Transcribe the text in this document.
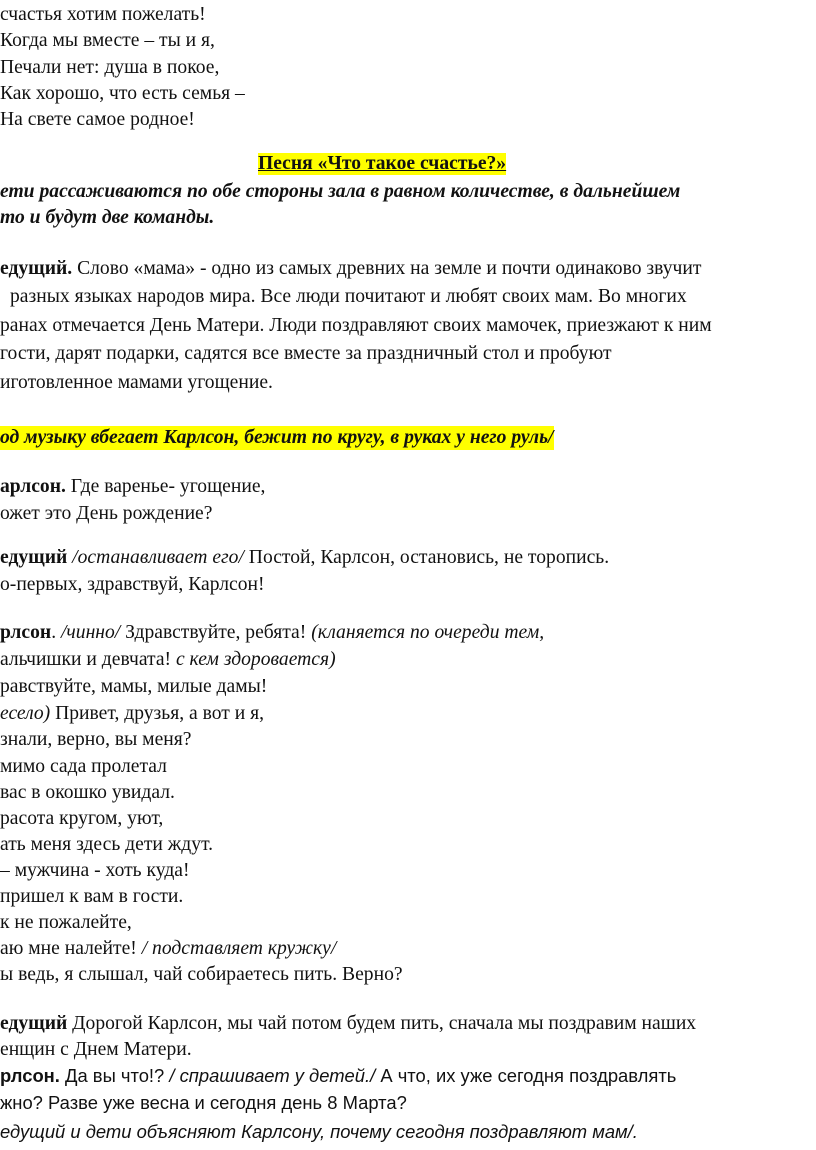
счастья хотим пожелать!
Когда мы вместе – ты и я,
Печали нет: душа в покое,
Как хорошо, что есть семья –
На свете самое родное!
Песня «Что такое счастье?»
ети рассаживаются по обе стороны зала в равном количестве, в дальнейшем
то и будут две команды.
едущий. Слово «мама» - одно из самых древних на земле и почти одинаково звучит
разных языках народов мира. Все люди почитают и любят своих мам. Во многих
ранах отмечается День Матери. Люди поздравляют своих мамочек, приезжают к ним
гости, дарят подарки, садятся все вместе за праздничный стол и пробуют
иготовленное мамами угощение.
од музыку вбегает Карлсон, бежит по кругу, в руках у него руль/
арлсон. Где варенье- угощение,
ожет это День рождение?
едущий /останавливает его/ Постой, Карлсон, остановись, не торопись.
о-первых, здравствуй, Карлсон!
рлсон. /чинно/ Здравствуйте, ребята! (кланяется по очереди тем,
альчишки и девчата! с кем здоровается)
равствуйте, мамы, милые дамы!
есело) Привет, друзья, а вот и я,
знали, верно, вы меня?
мимо сада пролетал
вас в окошко увидал.
расота кругом, уют,
ать меня здесь дети ждут.
– мужчина - хоть куда!
пришел к вам в гости.
к не пожалейте,
аю мне налейте! / подставляет кружку/
ы ведь, я слышал, чай собираетесь пить. Верно?
едущий Дорогой Карлсон, мы чай потом будем пить, сначала мы поздравим наших
енщин с Днем Матери.
рлсон. Да вы что!? / спрашивает у детей./ А что, их уже сегодня поздравлять
жно? Разве уже весна и сегодня день 8 Марта?
едущий и дети объясняют Карлсону, почему сегодня поздравляют мам/.
